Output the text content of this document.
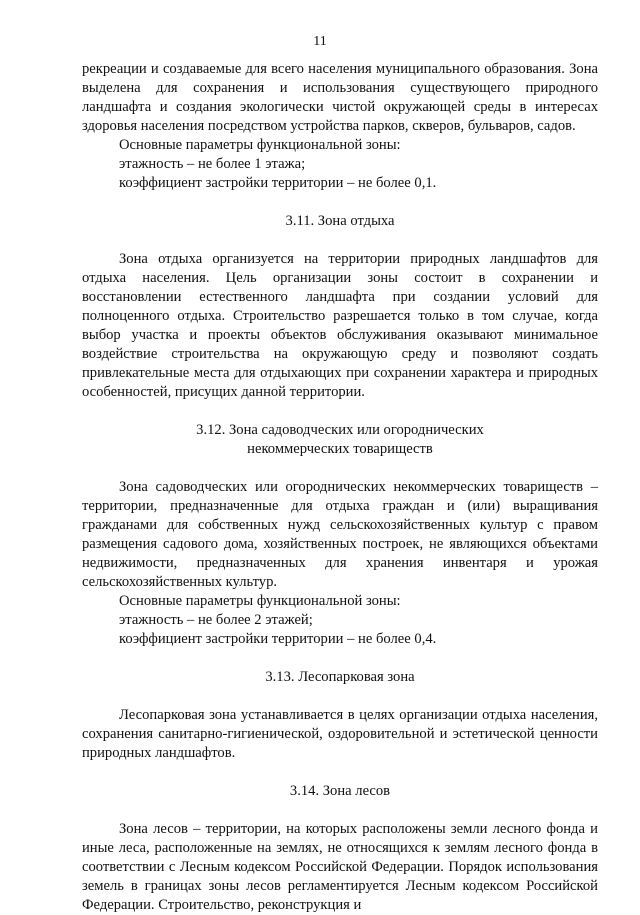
11

рекреации и создаваемые для всего населения муниципального образования. Зона выделена для сохранения и использования существующего природного ландшафта и создания экологически чистой окружающей среды в интересах здоровья населения посредством устройства парков, скверов, бульваров, садов.

Основные параметры функциональной зоны:

этажность – не более 1 этажа;

коэффициент застройки территории – не более 0,1.

3.11. Зона отдыха

Зона отдыха организуется на территории природных ландшафтов для отдыха населения. Цель организации зоны состоит в сохранении и восстановлении естественного ландшафта при создании условий для полноценного отдыха. Строительство разрешается только в том случае, когда выбор участка и проекты объектов обслуживания оказывают минимальное воздействие строительства на окружающую среду и позволяют создать привлекательные места для отдыхающих при сохранении характера и природных особенностей, присущих данной территории.

3.12. Зона садоводческих или огороднических
некоммерческих товариществ

Зона садоводческих или огороднических некоммерческих товариществ – территории, предназначенные для отдыха граждан и (или) выращивания гражданами для собственных нужд сельскохозяйственных культур с правом размещения садового дома, хозяйственных построек, не являющихся объектами недвижимости, предназначенных для хранения инвентаря и урожая сельскохозяйственных культур.

Основные параметры функциональной зоны:

этажность – не более 2 этажей;

коэффициент застройки территории – не более 0,4.

3.13. Лесопарковая зона

Лесопарковая зона устанавливается в целях организации отдыха населения, сохранения санитарно-гигиенической, оздоровительной и эстетической ценности природных ландшафтов.

3.14. Зона лесов

Зона лесов – территории, на которых расположены земли лесного фонда и иные леса, расположенные на землях, не относящихся к землям лесного фонда в соответствии с Лесным кодексом Российской Федерации. Порядок использования земель в границах зоны лесов регламентируется Лесным кодексом Российской Федерации. Строительство, реконструкция и
